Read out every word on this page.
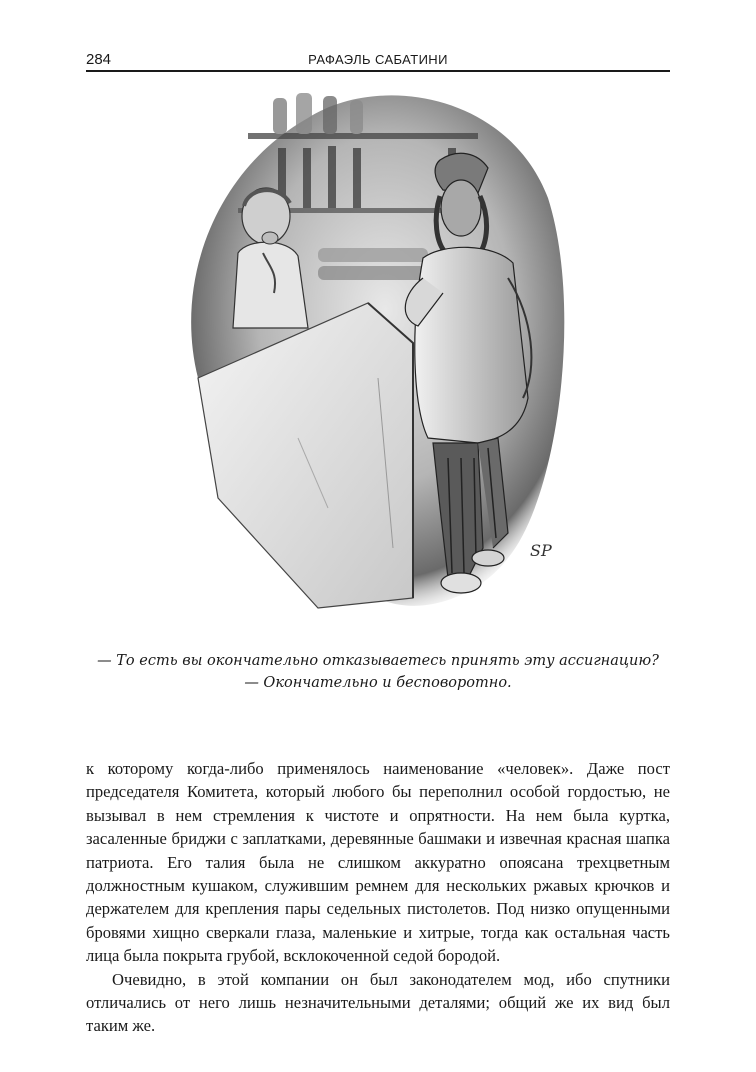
284	РАФАЭЛЬ САБАТИНИ
SP
— То есть вы окончательно отказываетесь принять эту ассигнацию?
— Окончательно и бесповоротно.

к которому когда-либо применялось наименование «человек». Даже пост председателя Комитета, который любого бы переполнил особой гордостью, не вызывал в нем стремления к чистоте и опрятности. На нем была куртка, засаленные бриджи с заплатками, деревянные башмаки и извечная красная шапка патриота. Его талия была не слишком аккуратно опоясана трехцветным должностным кушаком, служившим ремнем для нескольких ржавых крючков и держателем для крепления пары седельных пистолетов. Под низко опущенными бровями хищно сверкали глаза, маленькие и хитрые, тогда как остальная часть лица была покрыта грубой, всклокоченной седой бородой.

Очевидно, в этой компании он был законодателем мод, ибо спутники отличались от него лишь незначительными деталями; общий же их вид был таким же.
